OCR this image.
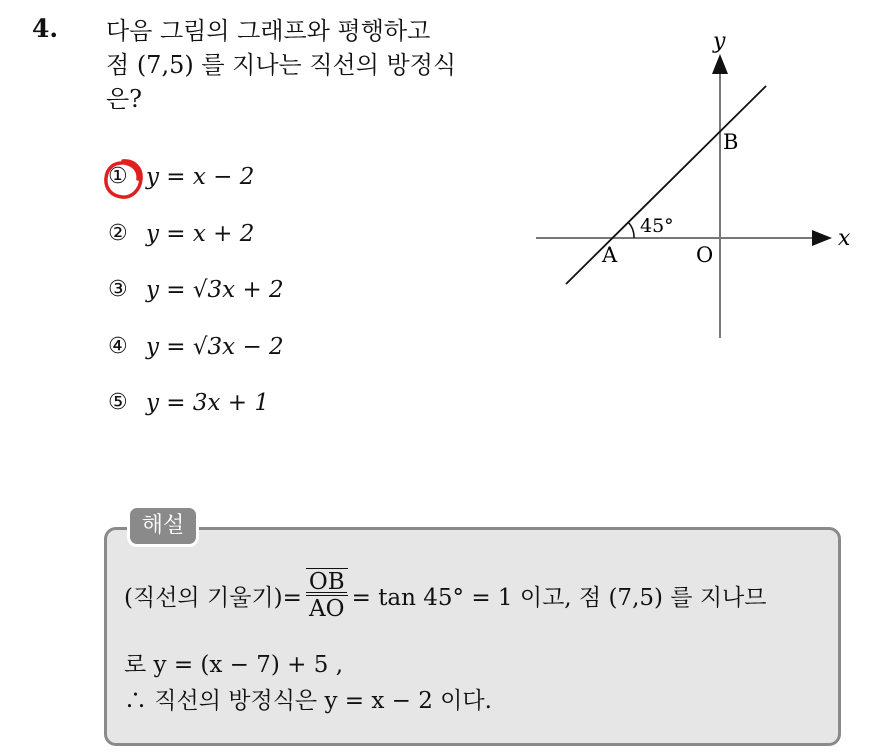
4. 다음 그림의 그래프와 평행하고
점 (7,5) 를 지나는 직선의 방정식
은?
① y = x − 2
② y = x + 2
③ y = √3x + 2
④ y = √3x − 2
⑤ y = 3x + 1
x
y
O
A
B
45°
해설
(직선의 기울기)= $\frac{OB}{AO} = \tan 45^\circ = 1$ 이고, 점 (7,5) 를 지나므
로 y = (x − 7) + 5 ,
∴ 직선의 방정식은 y = x − 2 이다.
